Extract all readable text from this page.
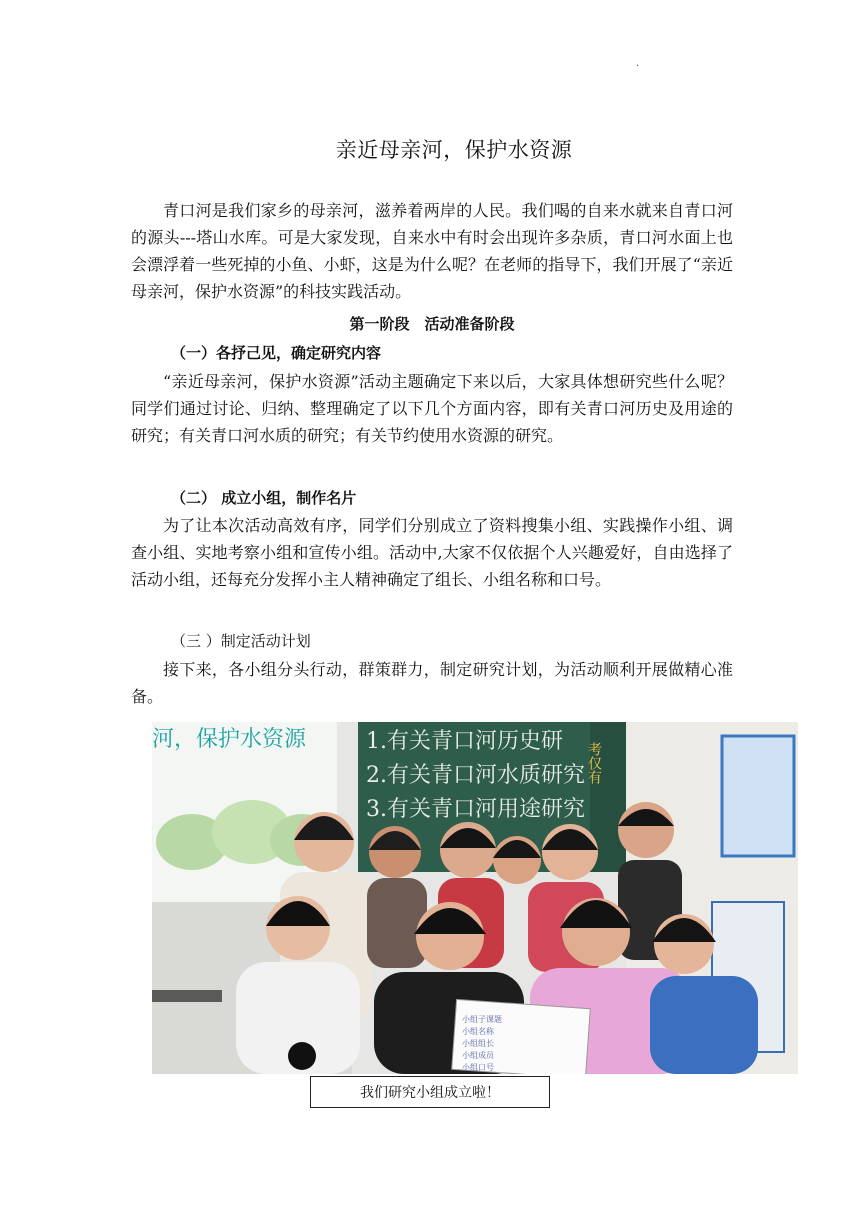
.
亲近母亲河，保护水资源
青口河是我们家乡的母亲河，滋养着两岸的人民。我们喝的自来水就来自青口河的源头---塔山水库。可是大家发现，自来水中有时会出现许多杂质，青口河水面上也会漂浮着一些死掉的小鱼、小虾，这是为什么呢？在老师的指导下，我们开展了“亲近母亲河，保护水资源”的科技实践活动。
第一阶段　活动准备阶段
（一）各抒己见，确定研究内容
“亲近母亲河，保护水资源”活动主题确定下来以后，大家具体想研究些什么呢？同学们通过讨论、归纳、整理确定了以下几个方面内容，即有关青口河历史及用途的研究；有关青口河水质的研究；有关节约使用水资源的研究。
（二） 成立小组，制作名片
为了让本次活动高效有序，同学们分别成立了资料搜集小组、实践操作小组、调查小组、实地考察小组和宣传小组。活动中,大家不仅依据个人兴趣爱好，自由选择了活动小组，还每充分发挥小主人精神确定了组长、小组名称和口号。
（三 ）制定活动计划
接下来，各小组分头行动，群策群力，制定研究计划，为活动顺利开展做精心准备。
河，保护水资源	1.有关青口河历史研
2.有关青口河水质研究
3.有关青口河用途研究
考仅有
小组子课题
小组名称
小组组长
小组成员
小组口号
我们研究小组成立啦！
